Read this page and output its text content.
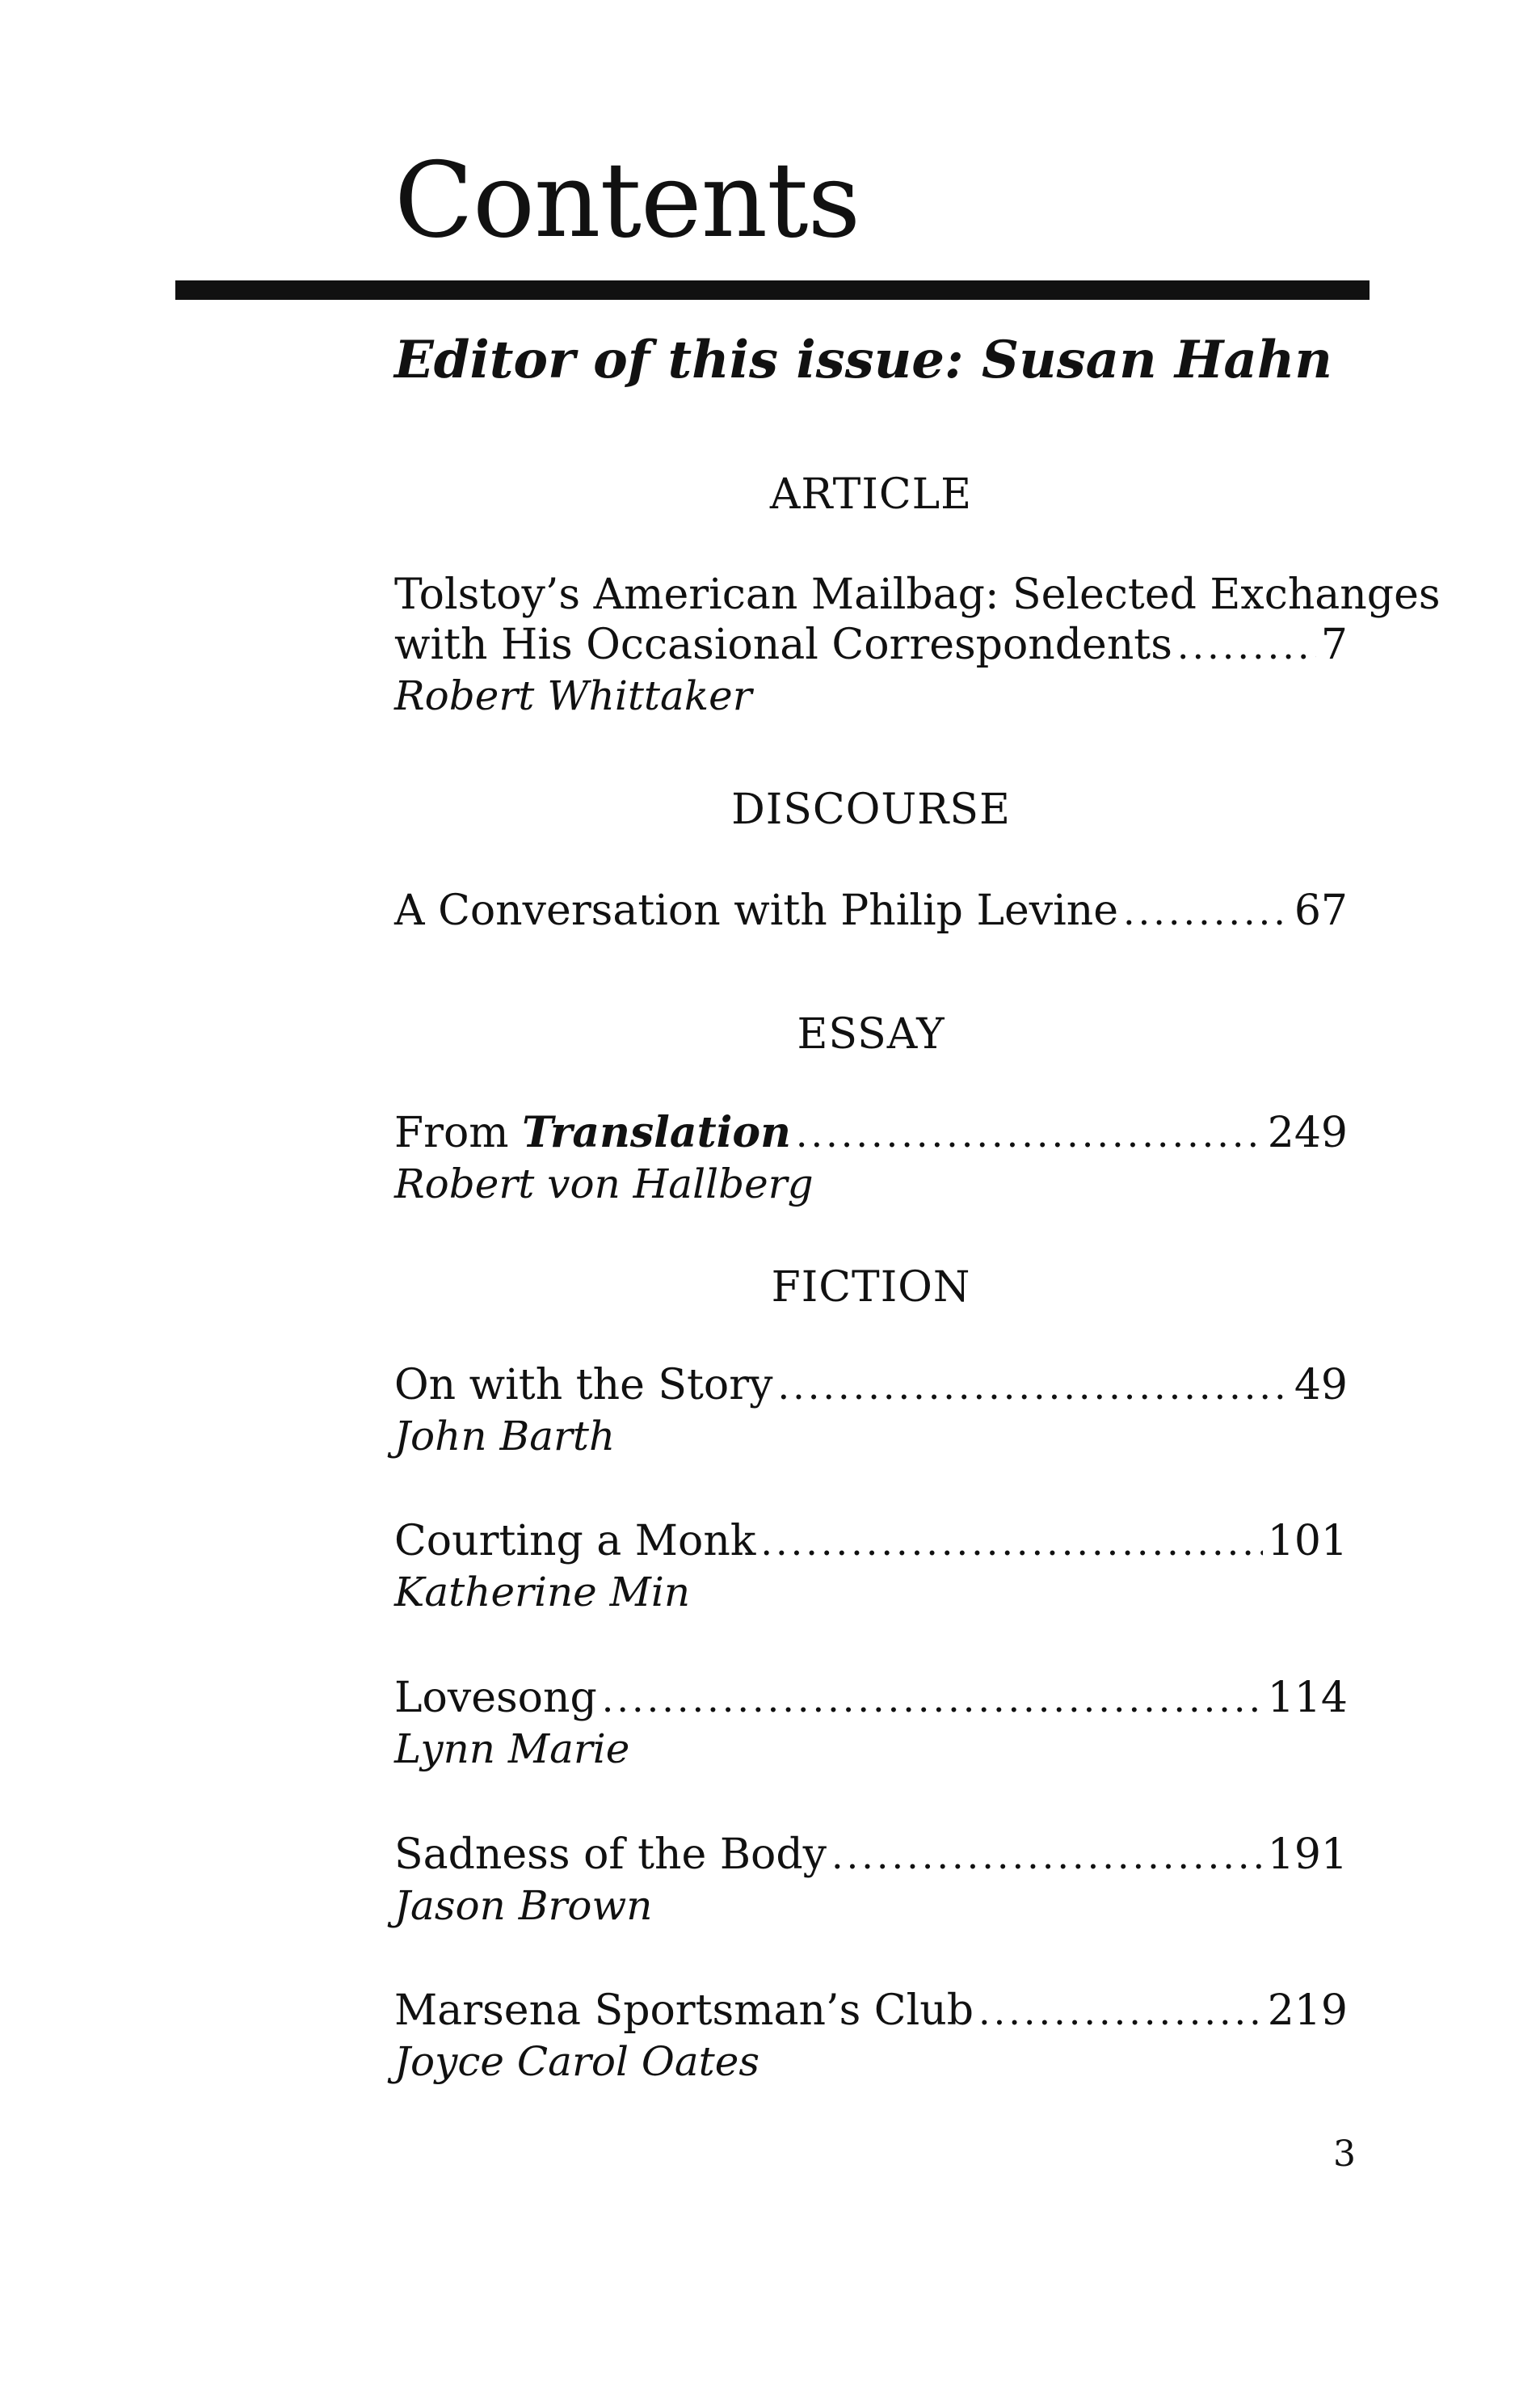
Contents

Editor of this issue: Susan Hahn

ARTICLE
Tolstoy’s American Mailbag: Selected Exchanges
with His Occasional Correspondents .....	7
Robert Whittaker
DISCOURSE
A Conversation with Philip Levine .....	67
ESSAY
From Translation .....	249
Robert von Hallberg
FICTION
On with the Story .....	49
John Barth
Courting a Monk .....	101
Katherine Min
Lovesong .....	114
Lynn Marie
Sadness of the Body .....	191
Jason Brown
Marsena Sportsman’s Club .....	219
Joyce Carol Oates
3
